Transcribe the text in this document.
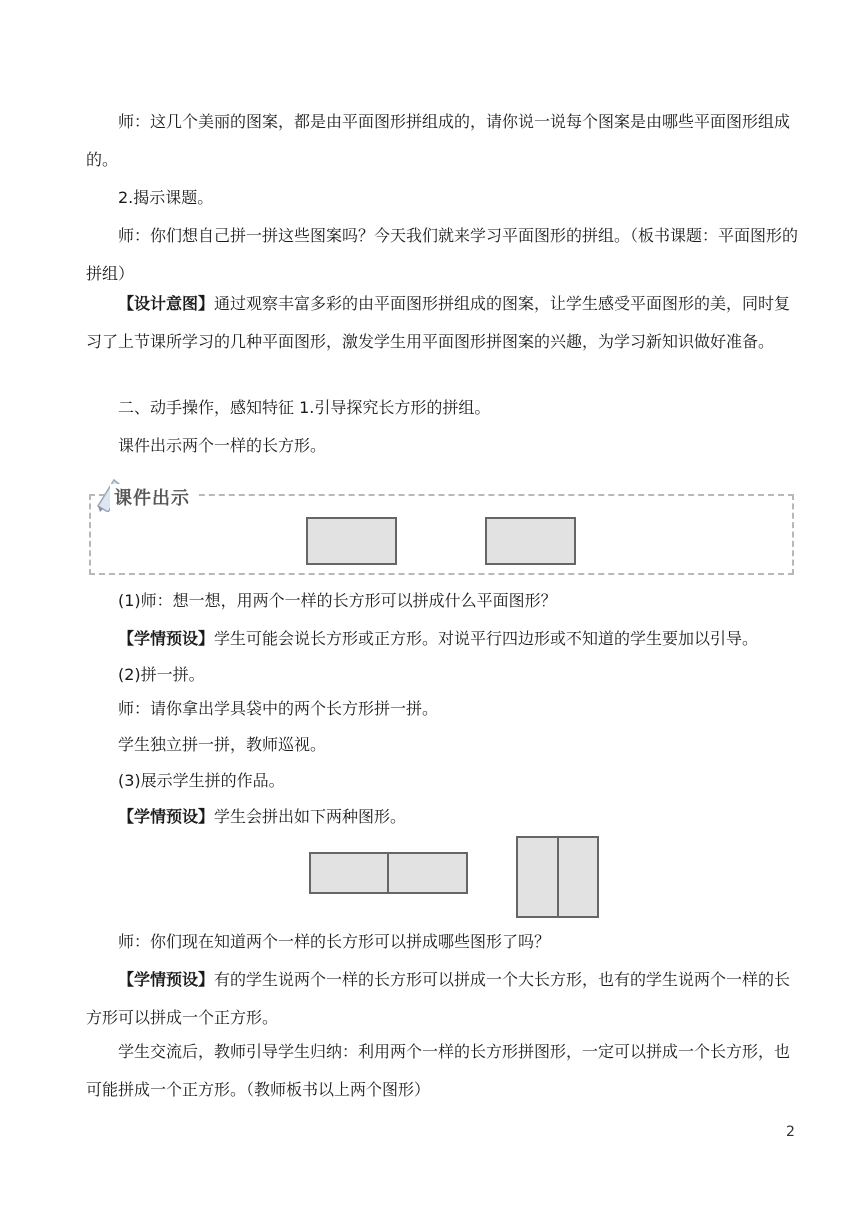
师：这几个美丽的图案，都是由平面图形拼组成的，请你说一说每个图案是由哪些平面图形组成的。

2.揭示课题。

师：你们想自己拼一拼这些图案吗？今天我们就来学习平面图形的拼组。（板书课题：平面图形的拼组）

【设计意图】通过观察丰富多彩的由平面图形拼组成的图案，让学生感受平面图形的美，同时复习了上节课所学习的几种平面图形，激发学生用平面图形拼图案的兴趣，为学习新知识做好准备。

二、动手操作，感知特征 1.引导探究长方形的拼组。

课件出示两个一样的长方形。

课件出示

(1)师：想一想，用两个一样的长方形可以拼成什么平面图形？

【学情预设】学生可能会说长方形或正方形。对说平行四边形或不知道的学生要加以引导。

(2)拼一拼。

师：请你拿出学具袋中的两个长方形拼一拼。

学生独立拼一拼，教师巡视。

(3)展示学生拼的作品。

【学情预设】学生会拼出如下两种图形。

师：你们现在知道两个一样的长方形可以拼成哪些图形了吗？

【学情预设】有的学生说两个一样的长方形可以拼成一个大长方形，也有的学生说两个一样的长方形可以拼成一个正方形。

学生交流后，教师引导学生归纳：利用两个一样的长方形拼图形，一定可以拼成一个长方形，也可能拼成一个正方形。（教师板书以上两个图形）

2
